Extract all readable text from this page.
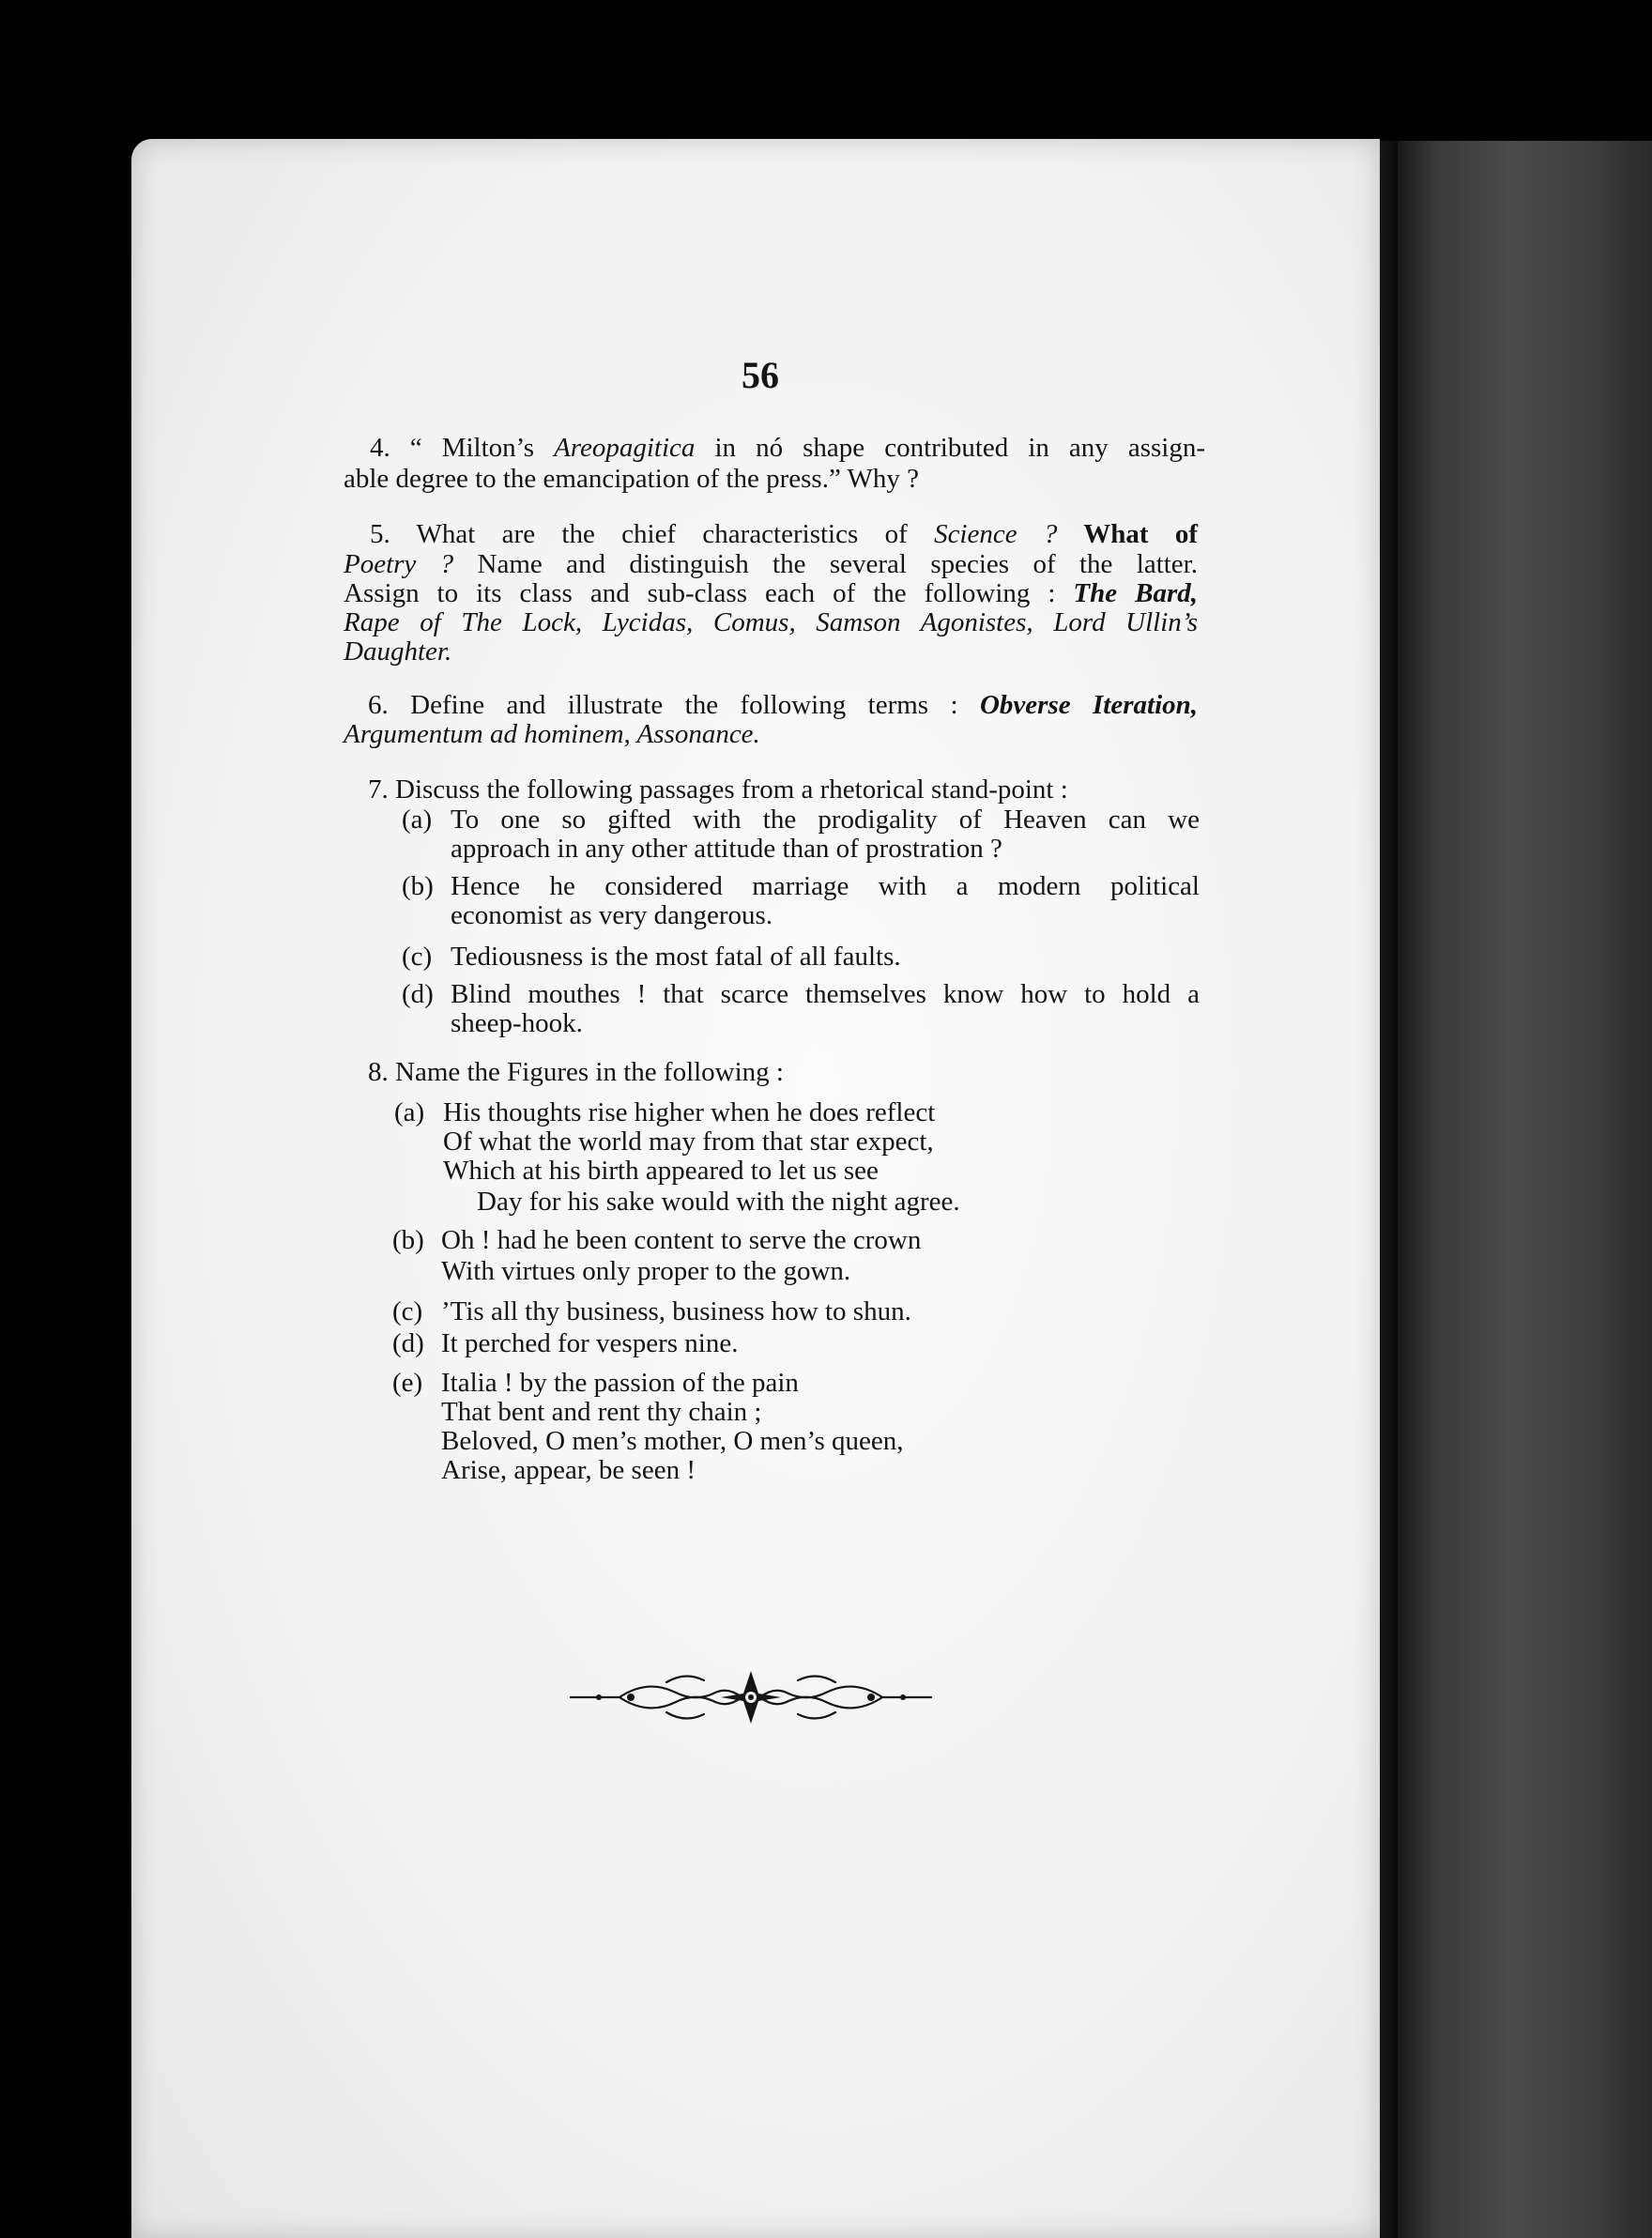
56
4. “ Milton’s Areopagitica in nó shape contributed in any assign-
able degree to the emancipation of the press.” Why ?
5. What are the chief characteristics of Science ? What of
Poetry ? Name and distinguish the several species of the latter.
Assign to its class and sub-class each of the following : The Bard,
Rape of The Lock, Lycidas, Comus, Samson Agonistes, Lord Ullin’s
Daughter.
6. Define and illustrate the following terms : Obverse Iteration,
Argumentum ad hominem, Assonance.
7. Discuss the following passages from a rhetorical stand-point :
(a) To one so gifted with the prodigality of Heaven can we
approach in any other attitude than of prostration ?
(b) Hence he considered marriage with a modern political
economist as very dangerous.
(c) Tediousness is the most fatal of all faults.
(d) Blind mouthes ! that scarce themselves know how to hold a
sheep-hook.
8. Name the Figures in the following :
(a) His thoughts rise higher when he does reflect
Of what the world may from that star expect,
Which at his birth appeared to let us see
Day for his sake would with the night agree.
(b) Oh ! had he been content to serve the crown
With virtues only proper to the gown.
(c) ’Tis all thy business, business how to shun.
(d) It perched for vespers nine.
(e) Italia ! by the passion of the pain
That bent and rent thy chain ;
Beloved, O men’s mother, O men’s queen,
Arise, appear, be seen !
